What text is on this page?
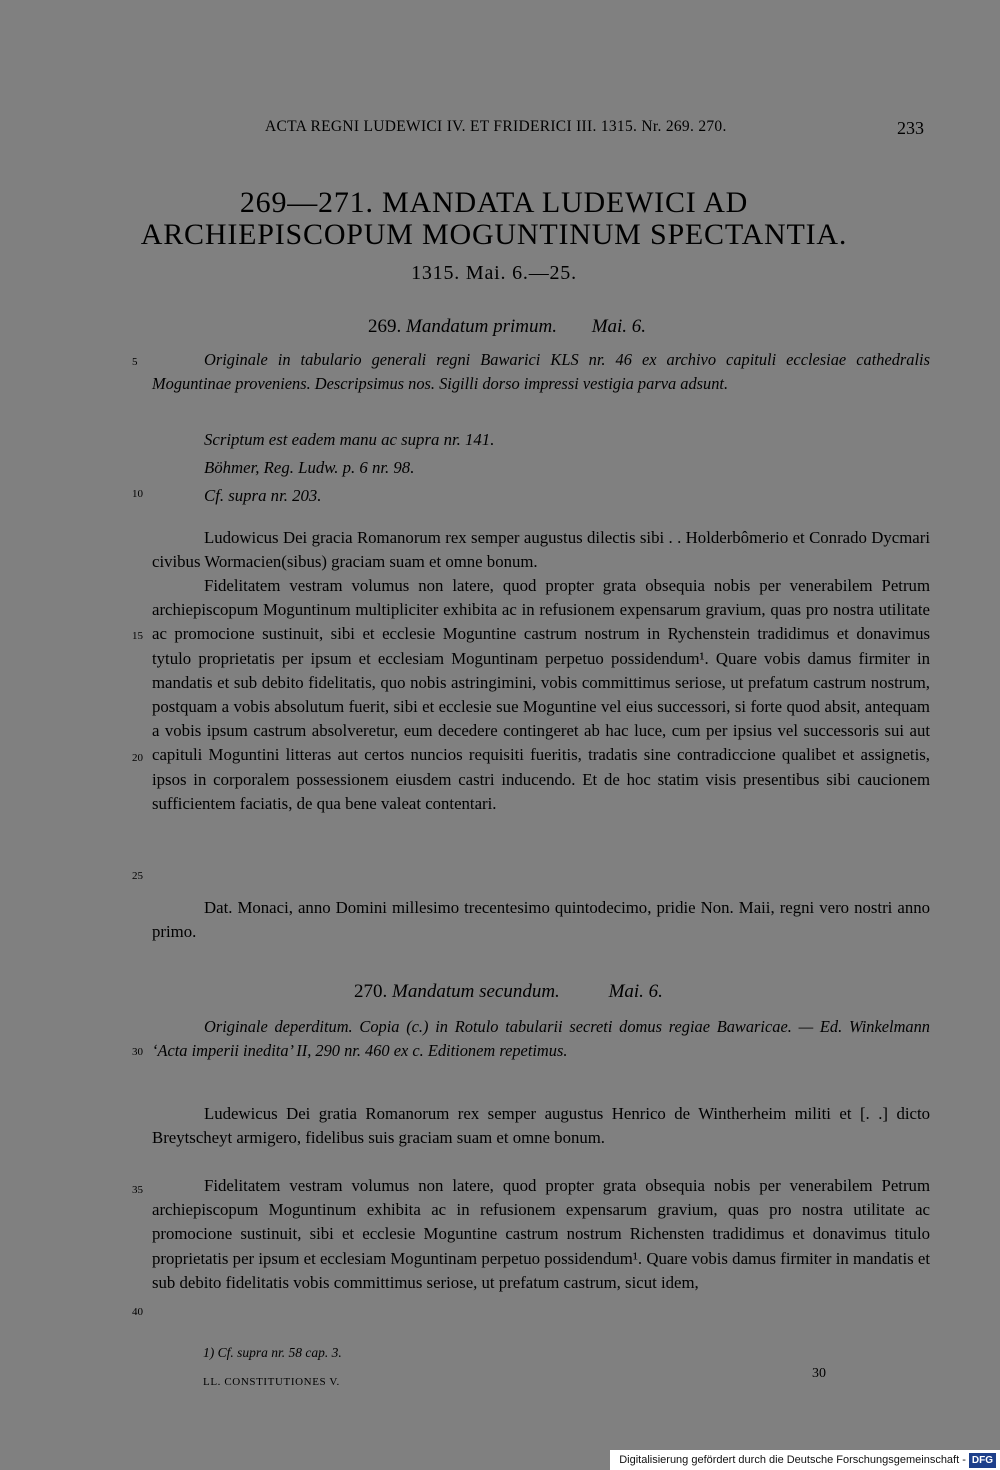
ACTA REGNI LUDEWICI IV. ET FRIDERICI III. 1315. Nr. 269. 270.	233
269—271. MANDATA LUDEWICI AD
ARCHIEPISCOPUM MOGUNTINUM SPECTANTIA.
1315. Mai. 6.—25.
269. Mandatum primum. Mai. 6.
Originale in tabulario generali regni Bawarici KLS nr. 46 ex archivo capituli ecclesiae cathedralis Moguntinae proveniens. Descripsimus nos. Sigilli dorso impressi vestigia parva adsunt.
Scriptum est eadem manu ac supra nr. 141.
Böhmer, Reg. Ludw. p. 6 nr. 98.
Cf. supra nr. 203.
Ludowicus Dei gracia Romanorum rex semper augustus dilectis sibi . . Holderbômerio et Conrado Dycmari civibus Wormacien(sibus) graciam suam et omne bonum.
Fidelitatem vestram volumus non latere, quod propter grata obsequia nobis per venerabilem Petrum archiepiscopum Moguntinum multipliciter exhibita ac in refusionem expensarum gravium, quas pro nostra utilitate ac promocione sustinuit, sibi et ecclesie Moguntine castrum nostrum in Rychenstein tradidimus et donavimus tytulo proprietatis per ipsum et ecclesiam Moguntinam perpetuo possidendum¹. Quare vobis damus firmiter in mandatis et sub debito fidelitatis, quo nobis astringimini, vobis committimus seriose, ut prefatum castrum nostrum, postquam a vobis absolutum fuerit, sibi et ecclesie sue Moguntine vel eius successori, si forte quod absit, antequam a vobis ipsum castrum absolveretur, eum decedere contingeret ab hac luce, cum per ipsius vel successoris sui aut capituli Moguntini litteras aut certos nuncios requisiti fueritis, tradatis sine contradiccione qualibet et assignetis, ipsos in corporalem possessionem eiusdem castri inducendo. Et de hoc statim visis presentibus sibi caucionem sufficientem faciatis, de qua bene valeat contentari.
Dat. Monaci, anno Domini millesimo trecentesimo quintodecimo, pridie Non. Maii, regni vero nostri anno primo.
270. Mandatum secundum.	Mai. 6.
Originale deperditum. Copia (c.) in Rotulo tabularii secreti domus regiae Bawaricae. — Ed. Winkelmann ‘Acta imperii inedita’ II, 290 nr. 460 ex c. Editionem repetimus.
Ludewicus Dei gratia Romanorum rex semper augustus Henrico de Wintherheim militi et [. .] dicto Breytscheyt armigero, fidelibus suis graciam suam et omne bonum.
Fidelitatem vestram volumus non latere, quod propter grata obsequia nobis per venerabilem Petrum archiepiscopum Moguntinum exhibita ac in refusionem expensarum gravium, quas pro nostra utilitate ac promocione sustinuit, sibi et ecclesie Moguntine castrum nostrum Richensten tradidimus et donavimus titulo proprietatis per ipsum et ecclesiam Moguntinam perpetuo possidendum¹. Quare vobis damus firmiter in mandatis et sub debito fidelitatis vobis committimus seriose, ut prefatum castrum, sicut idem,
5
10
15
20
25
30
35
40
1) Cf. supra nr. 58 cap. 3.
LL. CONSTITUTIONES V.
30
Digitalisierung gefördert durch die Deutsche Forschungsgemeinschaft - DFG
